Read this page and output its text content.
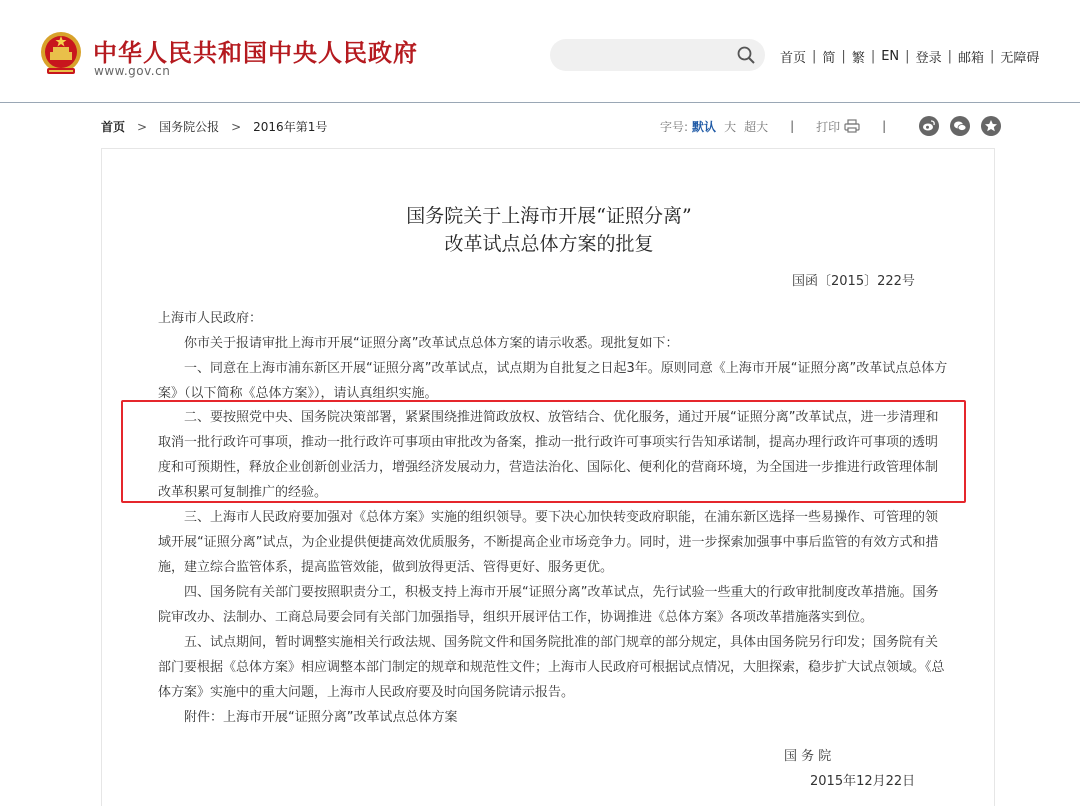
中华人民共和国中央人民政府
www.gov.cn
首页 | 简 | 繁 | EN | 登录 | 邮箱 | 无障碍
首页 > 国务院公报 > 2016年第1号	字号: 默认 大 超大 | 打印	|
国务院关于上海市开展“证照分离”
改革试点总体方案的批复
国函〔2015〕222号
上海市人民政府：
你市关于报请审批上海市开展“证照分离”改革试点总体方案的请示收悉。现批复如下：
一、同意在上海市浦东新区开展“证照分离”改革试点，试点期为自批复之日起3年。原则同意《上海市开展“证照分离”改革试点总体方案》（以下简称《总体方案》），请认真组织实施。
二、要按照党中央、国务院决策部署，紧紧围绕推进简政放权、放管结合、优化服务，通过开展“证照分离”改革试点，进一步清理和取消一批行政许可事项，推动一批行政许可事项由审批改为备案，推动一批行政许可事项实行告知承诺制，提高办理行政许可事项的透明度和可预期性，释放企业创新创业活力，增强经济发展动力，营造法治化、国际化、便利化的营商环境，为全国进一步推进行政管理体制改革积累可复制推广的经验。
三、上海市人民政府要加强对《总体方案》实施的组织领导。要下决心加快转变政府职能，在浦东新区选择一些易操作、可管理的领域开展“证照分离”试点，为企业提供便捷高效优质服务，不断提高企业市场竞争力。同时，进一步探索加强事中事后监管的有效方式和措施，建立综合监管体系，提高监管效能，做到放得更活、管得更好、服务更优。
四、国务院有关部门要按照职责分工，积极支持上海市开展“证照分离”改革试点，先行试验一些重大的行政审批制度改革措施。国务院审改办、法制办、工商总局要会同有关部门加强指导，组织开展评估工作，协调推进《总体方案》各项改革措施落实到位。
五、试点期间，暂时调整实施相关行政法规、国务院文件和国务院批准的部门规章的部分规定，具体由国务院另行印发；国务院有关部门要根据《总体方案》相应调整本部门制定的规章和规范性文件；上海市人民政府可根据试点情况，大胆探索，稳步扩大试点领域。《总体方案》实施中的重大问题，上海市人民政府要及时向国务院请示报告。
附件：上海市开展“证照分离”改革试点总体方案
国 务 院
2015年12月22日
